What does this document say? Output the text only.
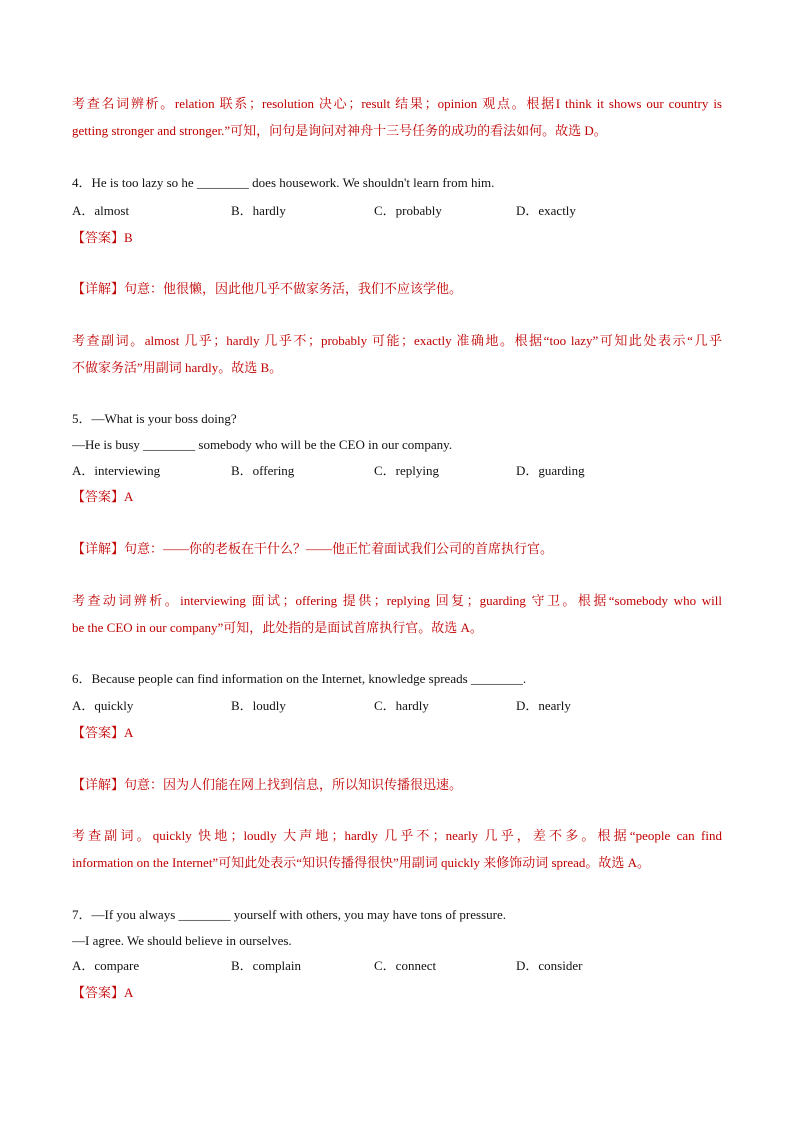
考查名词辨析。relation 联系；resolution 决心；result 结果；opinion 观点。根据I think it shows our country is
getting stronger and stronger.”可知，问句是询问对神舟十三号任务的成功的看法如何。故选 D。
4．He is too lazy so he ________ does housework. We shouldn't learn from him.
A．almost	B．hardly	C．probably	D．exactly
【答案】B
【详解】句意：他很懒，因此他几乎不做家务活，我们不应该学他。
考查副词。almost 几乎；hardly 几乎不；probably 可能；exactly 准确地。根据“too lazy”可知此处表示“几乎
不做家务活”用副词 hardly。故选 B。
5．—What is your boss doing?
—He is busy ________ somebody who will be the CEO in our company.
A．interviewing	B．offering	C．replying	D．guarding
【答案】A
【详解】句意：——你的老板在干什么？——他正忙着面试我们公司的首席执行官。
考查动词辨析。interviewing 面试；offering 提供；replying 回复；guarding 守卫。根据“somebody who will
be the CEO in our company”可知，此处指的是面试首席执行官。故选 A。
6．Because people can find information on the Internet, knowledge spreads ________.
A．quickly	B．loudly	C．hardly	D．nearly
【答案】A
【详解】句意：因为人们能在网上找到信息，所以知识传播很迅速。
考查副词。quickly 快地；loudly 大声地；hardly 几乎不；nearly 几乎，差不多。根据“people can find
information on the Internet”可知此处表示“知识传播得很快”用副词 quickly 来修饰动词 spread。故选 A。
7．—If you always ________ yourself with others, you may have tons of pressure.
—I agree. We should believe in ourselves.
A．compare	B．complain	C．connect	D．consider
【答案】A
